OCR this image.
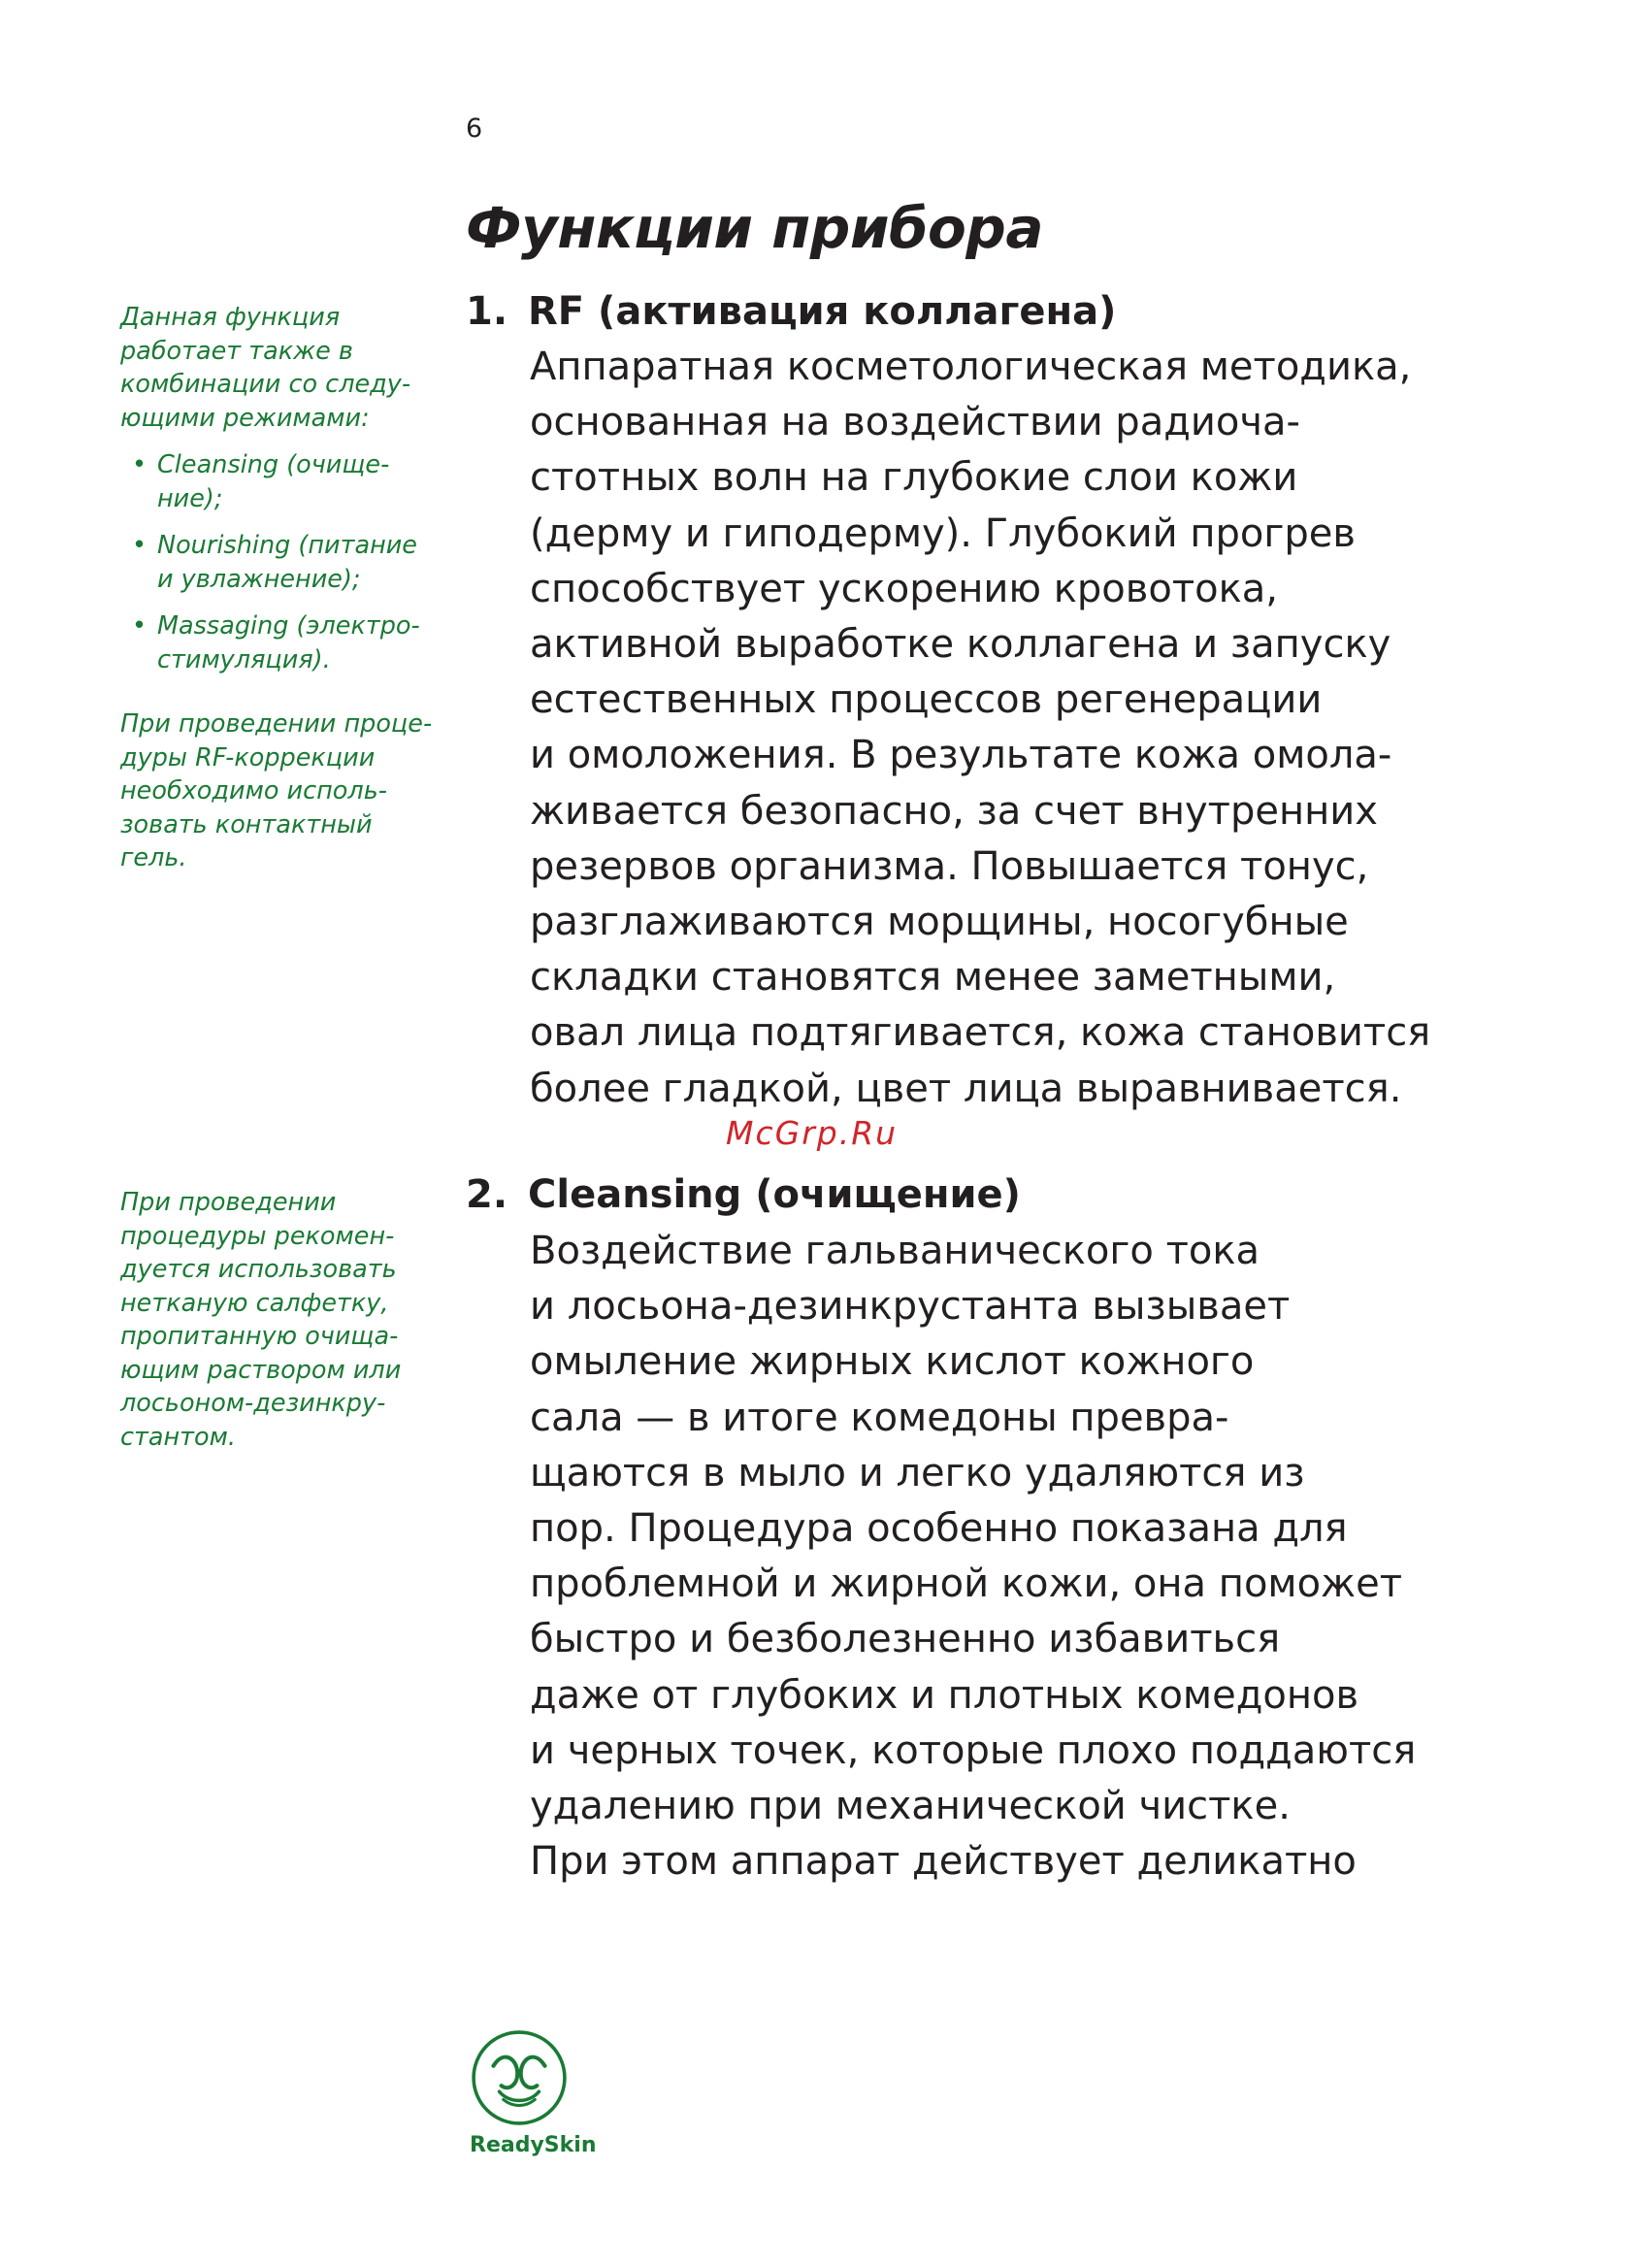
6
Функции прибора

Данная функция работает также в комбинации со следу-ющими режимами:

• Cleansing (очище-ние);
• Nourishing (питание и увлажнение);
• Massaging (электро-стимуляция).

При проведении проце-дуры RF-коррекции необходимо исполь-зовать контактный гель.

При проведении процедуры рекомен-дуется использовать нетканую салфетку, пропитанную очища-ющим раствором или лосьоном-дезинкру-стантом.

1. RF (активация коллагена)

Аппаратная косметологическая методика,
основанная на воздействии радиоча-
стотных волн на глубокие слои кожи
(дерму и гиподерму). Глубокий прогрев
способствует ускорению кровотока,
активной выработке коллагена и запуску
естественных процессов регенерации
и омоложения. В результате кожа омола-
живается безопасно, за счет внутренних
резервов организма. Повышается тонус,
разглаживаются морщины, носогубные
складки становятся менее заметными,
овал лица подтягивается, кожа становится
более гладкой, цвет лица выравнивается.

McGrp.Ru
2. Cleansing (очищение)

Воздействие гальванического тока
и лосьона-дезинкрустанта вызывает
омыление жирных кислот кожного
сала — в итоге комедоны превра-
щаются в мыло и легко удаляются из
пор. Процедура особенно показана для
проблемной и жирной кожи, она поможет
быстро и безболезненно избавиться
даже от глубоких и плотных комедонов
и черных точек, которые плохо поддаются
удалению при механической чистке.
При этом аппарат действует деликатно

ReadySkin
